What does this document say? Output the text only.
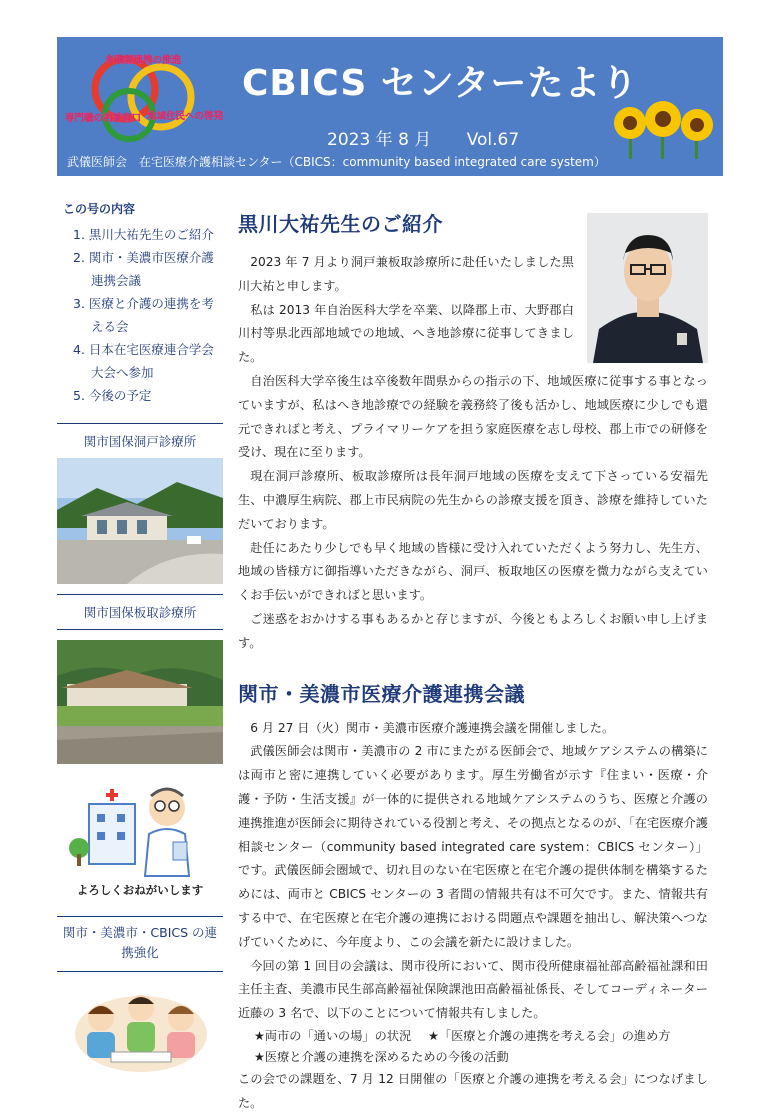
多職種連携の推進
専門職の相談窓口 地域住民への啓発
CBICS センターたより
2023 年 8 月 Vol.67
武儀医師会　在宅医療介護相談センター（CBICS：community based integrated care system）
この号の内容
1. 黒川大祐先生のご紹介
2. 関市・美濃市医療介護連携会議
3. 医療と介護の連携を考える会
4. 日本在宅医療連合学会大会へ参加
5. 今後の予定
関市国保洞戸診療所
関市国保板取診療所
よろしくおねがいします
関市・美濃市・CBICS の連携強化
黒川大祐先生のご紹介

2023 年 7 月より洞戸兼板取診療所に赴任いたしました黒川大祐と申します。

私は 2013 年自治医科大学を卒業、以降郡上市、大野郡白川村等県北西部地域での地域、へき地診療に従事してきました。

自治医科大学卒後生は卒後数年間県からの指示の下、地域医療に従事する事となっていますが、私はへき地診療での経験を義務終了後も活かし、地域医療に少しでも還元できればと考え、プライマリーケアを担う家庭医療を志し母校、郡上市での研修を受け、現在に至ります。

現在洞戸診療所、板取診療所は長年洞戸地域の医療を支えて下さっている安福先生、中濃厚生病院、郡上市民病院の先生からの診療支援を頂き、診療を維持していただいております。

赴任にあたり少しでも早く地域の皆様に受け入れていただくよう努力し、先生方、地域の皆様方に御指導いただきながら、洞戸、板取地区の医療を微力ながら支えていくお手伝いができればと思います。

ご迷惑をおかけする事もあるかと存じますが、今後ともよろしくお願い申し上げます。

関市・美濃市医療介護連携会議

6 月 27 日（火）関市・美濃市医療介護連携会議を開催しました。

武儀医師会は関市・美濃市の 2 市にまたがる医師会で、地域ケアシステムの構築には両市と密に連携していく必要があります。厚生労働省が示す『住まい・医療・介護・予防・生活支援』が一体的に提供される地域ケアシステムのうち、医療と介護の連携推進が医師会に期待されている役割と考え、その拠点となるのが、「在宅医療介護相談センター（community based integrated care system：CBICS センター）」です。武儀医師会圏域で、切れ目のない在宅医療と在宅介護の提供体制を構築するためには、両市と CBICS センターの 3 者間の情報共有は不可欠です。また、情報共有する中で、在宅医療と在宅介護の連携における問題点や課題を抽出し、解決策へつなげていくために、今年度より、この会議を新たに設けました。

今回の第 1 回目の会議は、関市役所において、関市役所健康福祉部高齢福祉課和田主任主査、美濃市民生部高齢福祉保険課池田高齢福祉係長、そしてコーディネーター近藤の 3 名で、以下のことについて情報共有しました。

★両市の「通いの場」の状況	★「医療と介護の連携を考える会」の進め方
★医療と介護の連携を深めるための今後の活動

この会での課題を、7 月 12 日開催の「医療と介護の連携を考える会」につなげました。
